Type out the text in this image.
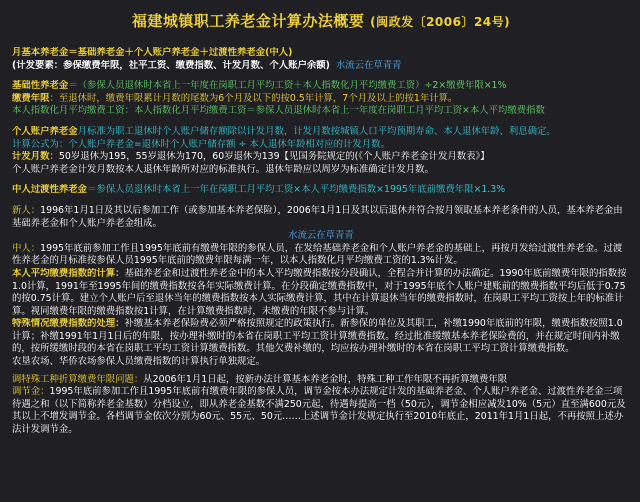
福建城镇职工养老金计算办法概要 (闽政发〔2006〕24号)
月基本养老金＝基础养老金＋个人账户养老金＋过渡性养老金(中人)
(计发要素：参保缴费年限，社平工资、缴费指数、计发月数、个人账户余额) 水流云在草青青
基础性养老金＝（参保人员退休时本省上一年度在岗职工月平均工资＋本人指数化月平均缴费工资）÷2×缴费年限×1%
缴费年限：至退休时，缴费年限累计月数的尾数为6个月及以下的按0.5年计算，7个月及以上的按1年计算。
本人指数化月平均缴费工资：本人指数化月平均缴费工资＝参保人员退休时本省上一年度在岗职工月平均工资×本人平均缴费指数
个人账户养老金月标准为职工退休时个人账户储存额除以计发月数，计发月数按城镇人口平均预期寿命、本人退休年龄、利息确定。
计算公式为：个人账户养老金=退休时个人账户储存额 ÷ 本人退休年龄相对应的计发月数。
计发月数：50岁退休为195，55岁退休为170，60岁退休为139【见国务院规定的(《个人账户养老金计发月数表》】
个人账户养老金计发月数按本人退休年龄所对应的标准执行。退休年龄应以周岁为标准确定计发月数。
中人过渡性养老金＝参保人员退休时本省上一年在岗职工月平均工资×本人平均缴费指数×1995年底前缴费年限×1.3%
新人：1996年1月1日及其以后参加工作（或参加基本养老保险），2006年1月1日及其以后退休并符合按月领取基本养老条件的人员，基本养老金由基础养老金和个人账户养老金组成。
水流云在草青青
中人：1995年底前参加工作且1995年底前有缴费年限的参保人员，在发给基础养老金和个人账户养老金的基础上，再按月发给过渡性养老金。过渡性养老金的月标准按参保人员1995年底前的缴费年限每满一年，以本人指数化月平均缴费工资的1.3%计发。
本人平均缴费指数的计算：基础养老金和过渡性养老金中的本人平均缴费指数按分段确认，全程合并计算的办法确定。1990年底前缴费年限的指数按1.0计算，1991年至1995年间的缴费指数按各年实际缴费计算。在分段确定缴费指数中，对于1995年底个人账户建账前的缴费指数平均后低于0.75的按0.75计算。建立个人账户后至退休当年的缴费指数按本人实际缴费计算，其中在计算退休当年的缴费指数时，在岗职工平均工资按上年的标准计算。视同缴费年限的缴费指数按1计算，在计算缴费指数时，未缴费的年限不参与计算。
特殊情况缴费指数的处理：补缴基本养老保险费必须严格按照规定的政策执行。新参保的单位及其职工，补缴1990年底前的年限，缴费指数按照1.0计算；补缴1991年1月1日后的年限，按办理补缴时的本省在岗职工平均工资计算缴费指数。经过批准缓缴基本养老保险费的，并在规定时间内补缴的，按所缓缴时段的本省在岗职工平均工资计算缴费指数。其他欠费补缴的，均应按办理补缴时的本省在岗职工平均工资计算缴费指数。
农垦农场、华侨农场参保人员缴费指数的计算执行单独规定。
调特殊工种折算缴费年限问题：从2006年1月1日起，按新办法计算基本养老金时，特殊工种工作年限不再折算缴费年限
调节金：1995年底前参加工作且1995年底前有缴费年限的参保人员，调节金按本办法规定计发的基础养老金、个人账户养老金、过渡性养老金三项待遇之和（以下简称养老金基数）分档设立，即从养老金基数不满250元起，待遇每提高一档（50元），调节金相应减发10%（5元）直至满600元及其以上不增发调节金。各档调节金依次分别为60元、55元、50元……上述调节金计发规定执行至2010年底止，2011年1月1日起，不再按照上述办法计发调节金。
